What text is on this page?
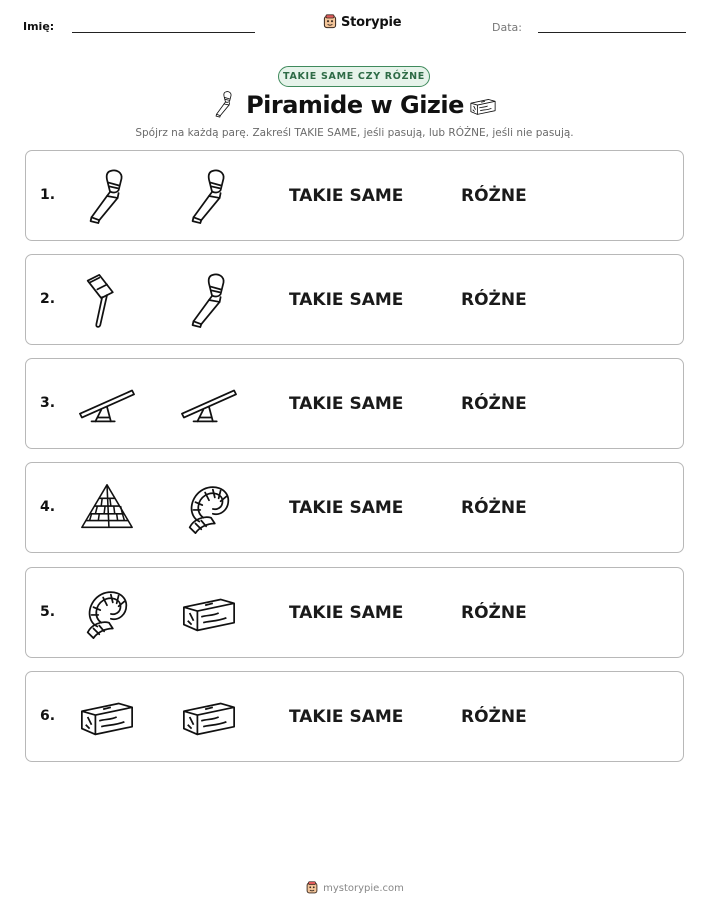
Imię:	Storypie	Data:
TAKIE SAME CZY RÓŻNE
Piramide w Gizie
Spójrz na każdą parę. Zakreśl TAKIE SAME, jeśli pasują, lub RÓŻNE, jeśli nie pasują.
1.	TAKIE SAME	RÓŻNE
2.	TAKIE SAME	RÓŻNE
3.	TAKIE SAME	RÓŻNE
4.	TAKIE SAME	RÓŻNE
5.	TAKIE SAME	RÓŻNE
6.	TAKIE SAME	RÓŻNE
mystorypie.com
